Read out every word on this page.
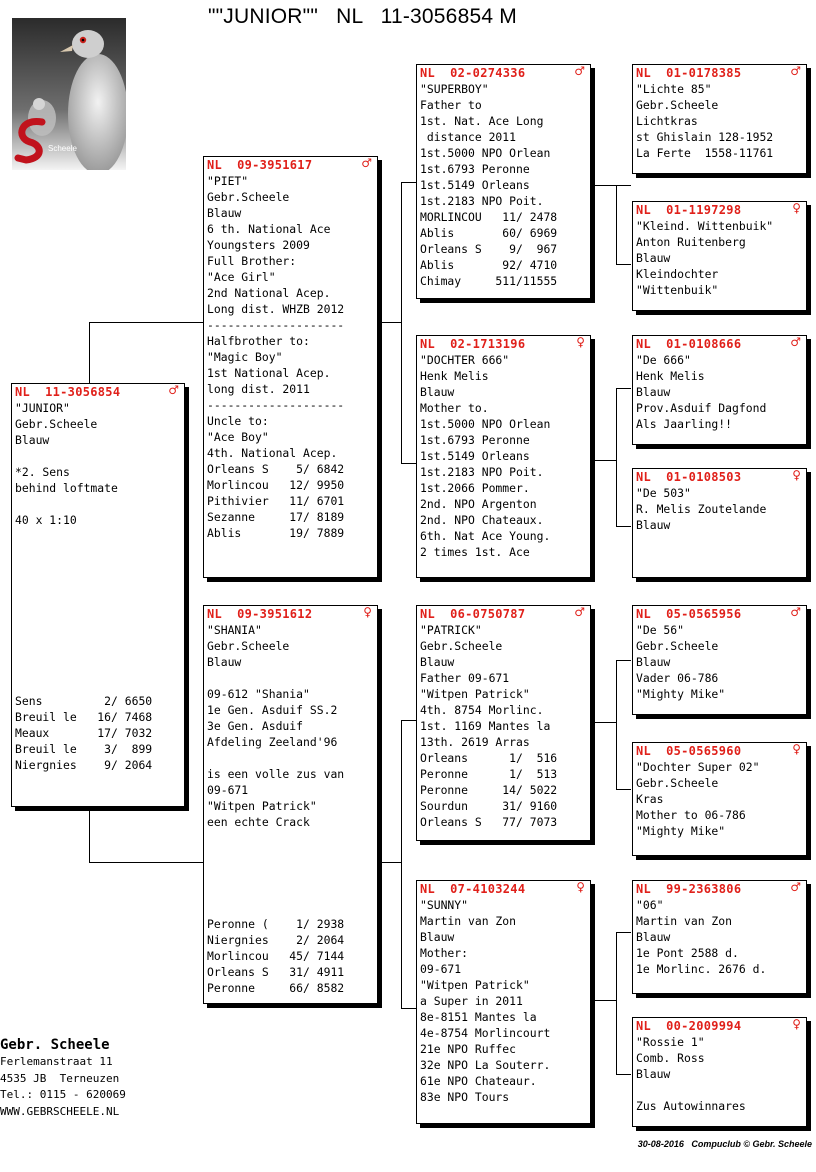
""JUNIOR""   NL   11-3056854 M
Scheele
NL  11-3056854	♂
"JUNIOR"
Gebr.Scheele
Blauw
*2. Sens
behind loftmate
40 x 1:10
Sens         2/ 6650
Breuil le   16/ 7468
Meaux       17/ 7032
Breuil le    3/  899
Niergnies    9/ 2064
NL  09-3951617	♂
"PIET"
Gebr.Scheele
Blauw
6 th. National Ace
Youngsters 2009
Full Brother:
"Ace Girl"
2nd National Acep.
Long dist. WHZB 2012
--------------------
Halfbrother to:
"Magic Boy"
1st National Acep.
long dist. 2011
--------------------
Uncle to:
"Ace Boy"
4th. National Acep.
Orleans S    5/ 6842
Morlincou   12/ 9950
Pithivier   11/ 6701
Sezanne     17/ 8189
Ablis       19/ 7889
NL  09-3951612	♀
"SHANIA"
Gebr.Scheele
Blauw
09-612 "Shania"
1e Gen. Asduif SS.2
3e Gen. Asduif
Afdeling Zeeland'96
is een volle zus van
09-671
"Witpen Patrick"
een echte Crack
Peronne (    1/ 2938
Niergnies    2/ 2064
Morlincou   45/ 7144
Orleans S   31/ 4911
Peronne     66/ 8582
NL  02-0274336	♂
"SUPERBOY"
Father to
1st. Nat. Ace Long
distance 2011
1st.5000 NPO Orlean
1st.6793 Peronne
1st.5149 Orleans
1st.2183 NPO Poit.
MORLINCOU   11/ 2478
Ablis       60/ 6969
Orleans S    9/  967
Ablis       92/ 4710
Chimay     511/11555
NL  02-1713196	♀
"DOCHTER 666"
Henk Melis
Blauw
Mother to.
1st.5000 NPO Orlean
1st.6793 Peronne
1st.5149 Orleans
1st.2183 NPO Poit.
1st.2066 Pommer.
2nd. NPO Argenton
2nd. NPO Chateaux.
6th. Nat Ace Young.
2 times 1st. Ace
NL  06-0750787	♂
"PATRICK"
Gebr.Scheele
Blauw
Father 09-671
"Witpen Patrick"
4th. 8754 Morlinc.
1st. 1169 Mantes la
13th. 2619 Arras
Orleans      1/  516
Peronne      1/  513
Peronne     14/ 5022
Sourdun     31/ 9160
Orleans S   77/ 7073
NL  07-4103244	♀
"SUNNY"
Martin van Zon
Blauw
Mother:
09-671
"Witpen Patrick"
a Super in 2011
8e-8151 Mantes la
4e-8754 Morlincourt
21e NPO Ruffec
32e NPO La Souterr.
61e NPO Chateaur.
83e NPO Tours
NL  01-0178385	♂
"Lichte 85"
Gebr.Scheele
Lichtkras
st Ghislain 128-1952
La Ferte  1558-11761
NL  01-1197298	♀
"Kleind. Wittenbuik"
Anton Ruitenberg
Blauw
Kleindochter
"Wittenbuik"
NL  01-0108666	♂
"De 666"
Henk Melis
Blauw
Prov.Asduif Dagfond
Als Jaarling!!
NL  01-0108503	♀
"De 503"
R. Melis Zoutelande
Blauw
NL  05-0565956	♂
"De 56"
Gebr.Scheele
Blauw
Vader 06-786
"Mighty Mike"
NL  05-0565960	♀
"Dochter Super 02"
Gebr.Scheele
Kras
Mother to 06-786
"Mighty Mike"
NL  99-2363806	♂
"06"
Martin van Zon
Blauw
1e Pont 2588 d.
1e Morlinc. 2676 d.
NL  00-2009994	♀
"Rossie 1"
Comb. Ross
Blauw
Zus Autowinnares
Gebr. Scheele
Ferlemanstraat 11
4535 JB  Terneuzen
Tel.: 0115 - 620069
WWW.GEBRSCHEELE.NL
30-08-2016   Compuclub © Gebr. Scheele
